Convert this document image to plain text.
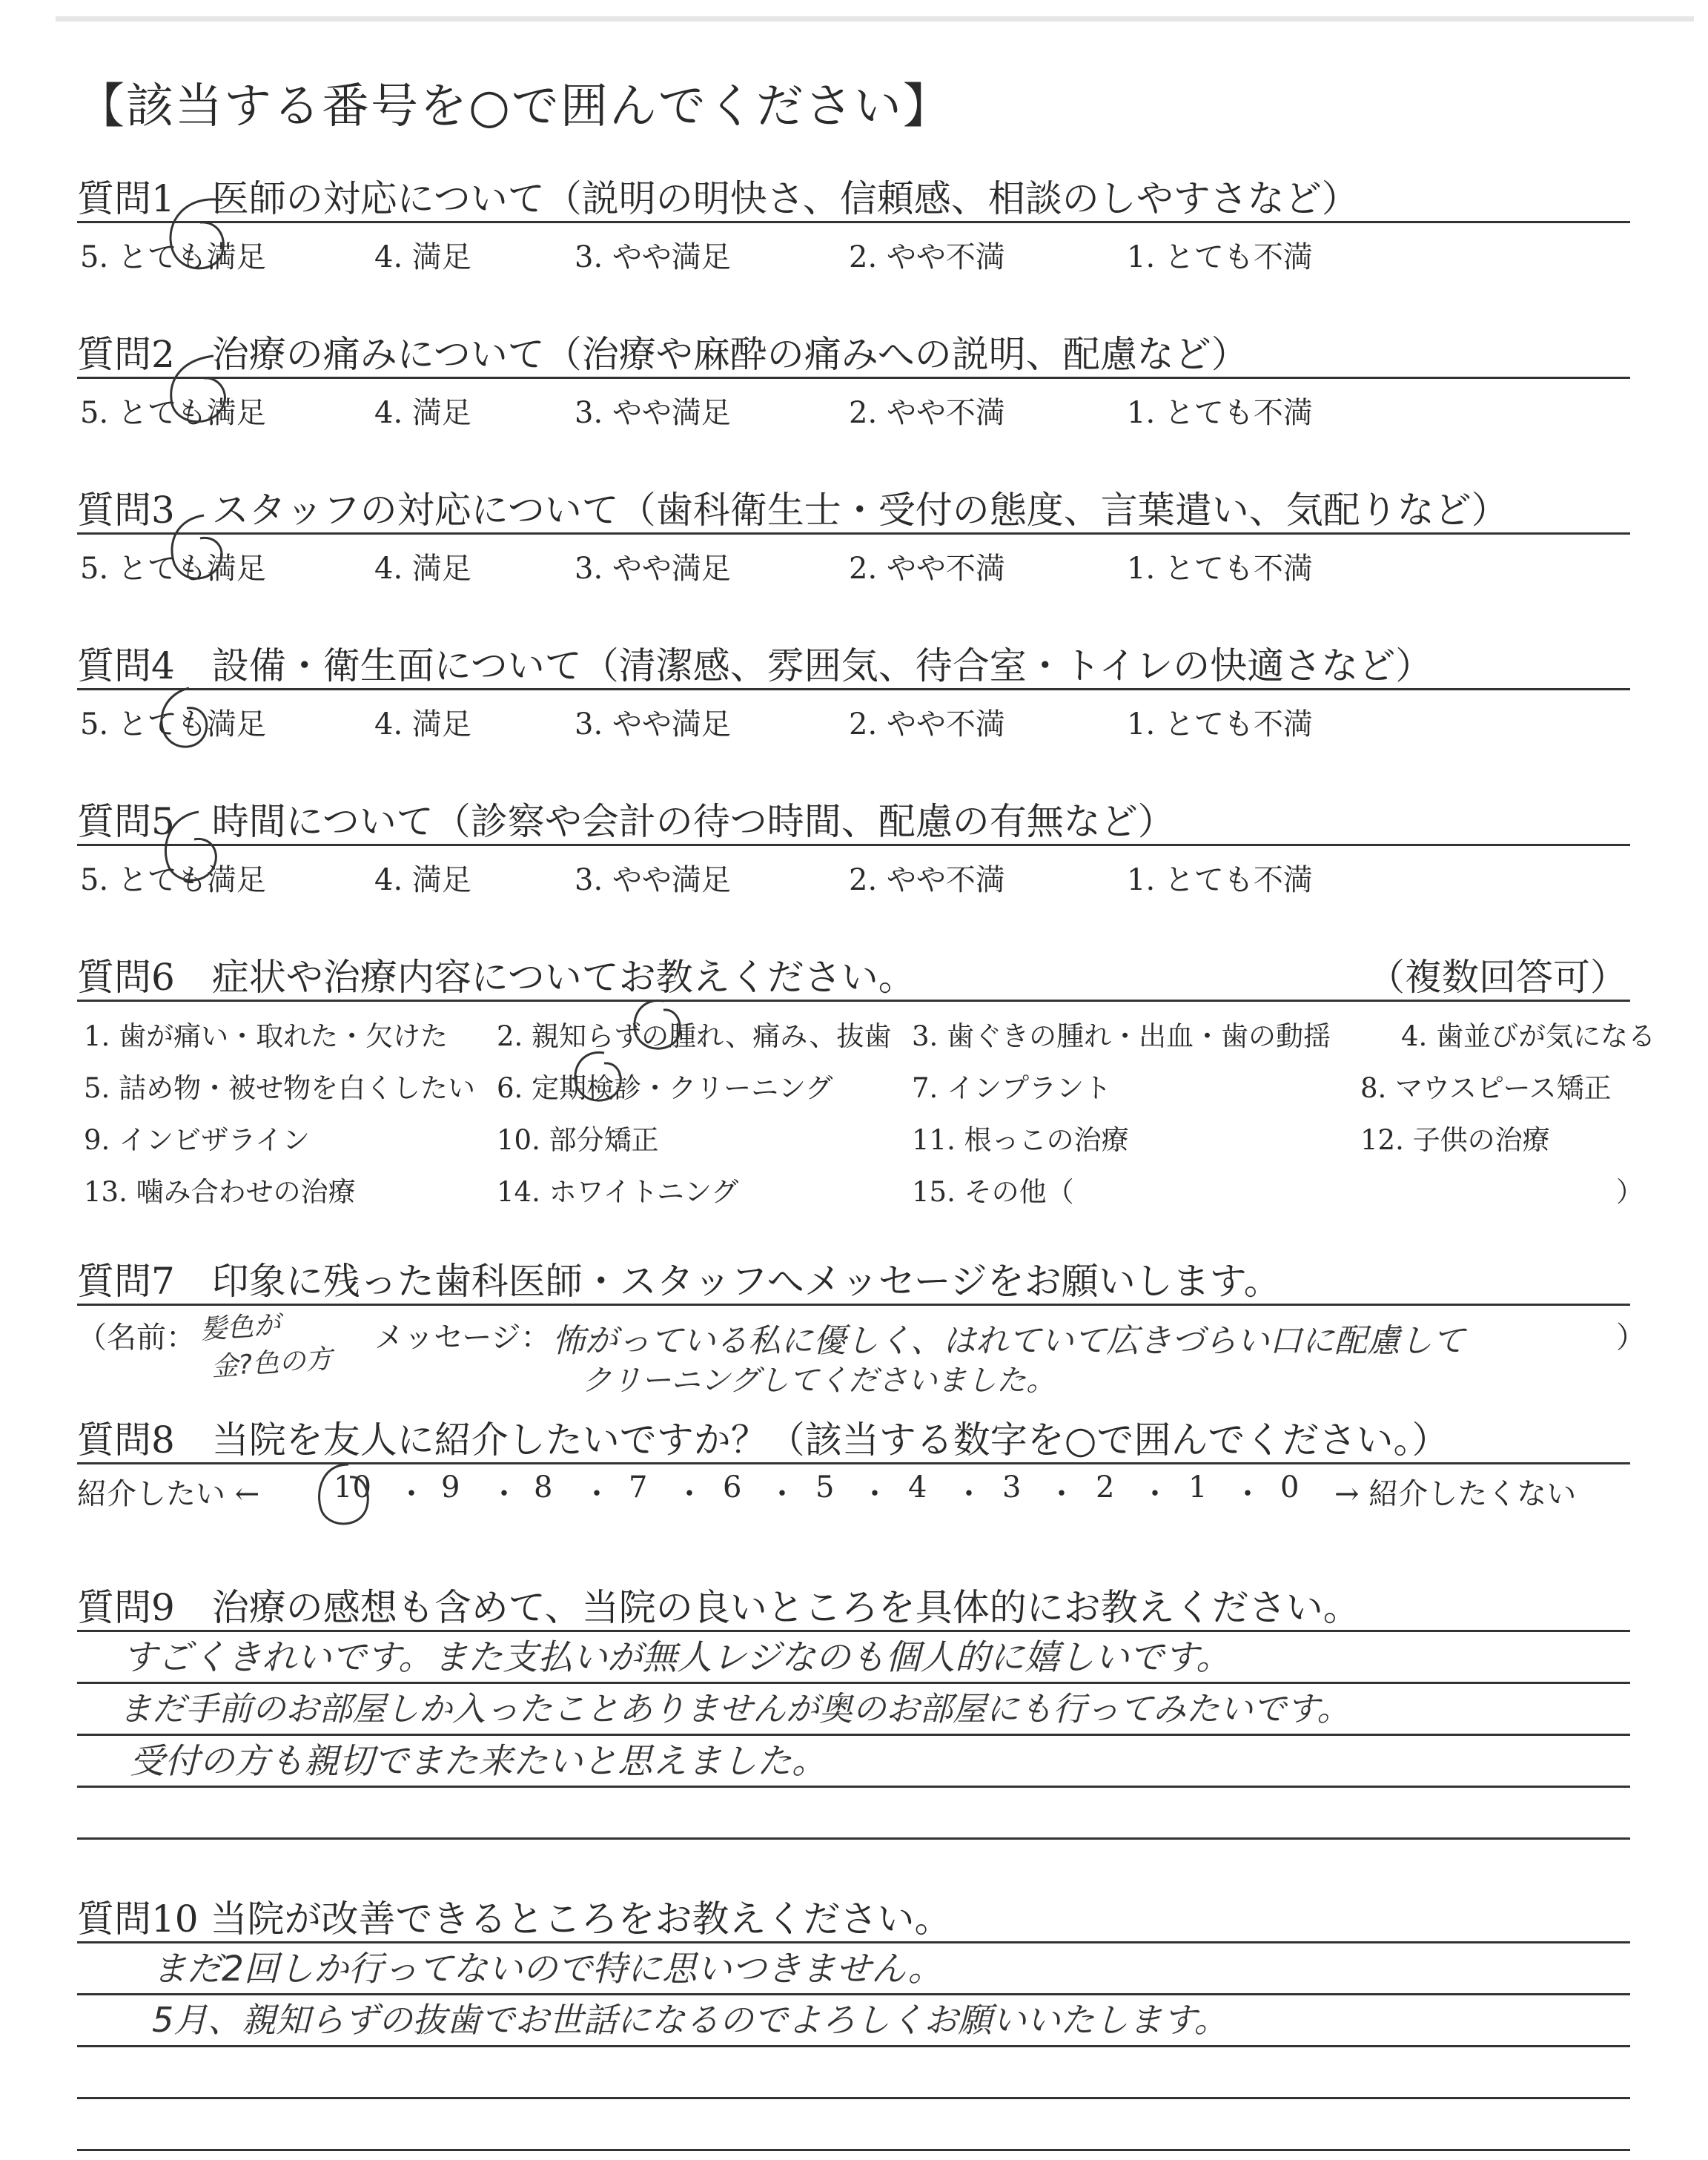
【該当する番号を○で囲んでください】
質問1　医師の対応について（説明の明快さ、信頼感、相談のしやすさなど）
5. とても満足	4. 満足	3. やや満足	2. やや不満	1. とても不満
質問2　治療の痛みについて（治療や麻酔の痛みへの説明、配慮など）
5. とても満足	4. 満足	3. やや満足	2. やや不満	1. とても不満
質問3　スタッフの対応について（歯科衛生士・受付の態度、言葉遣い、気配りなど）
5. とても満足	4. 満足	3. やや満足	2. やや不満	1. とても不満
質問4　設備・衛生面について（清潔感、雰囲気、待合室・トイレの快適さなど）
5. とても満足	4. 満足	3. やや満足	2. やや不満	1. とても不満
質問5　時間について（診察や会計の待つ時間、配慮の有無など）
5. とても満足	4. 満足	3. やや満足	2. やや不満	1. とても不満
質問6　症状や治療内容についてお教えください。	（複数回答可）
1. 歯が痛い・取れた・欠けた 2. 親知らずの腫れ、痛み、抜歯 3. 歯ぐきの腫れ・出血・歯の動揺	4. 歯並びが気になる
5. 詰め物・被せ物を白くしたい 6. 定期検診・クリーニング	7. インプラント	8. マウスピース矯正
9. インビザライン	10. 部分矯正	11. 根っこの治療	12. 子供の治療
13. 噛み合わせの治療	14. ホワイトニング	15. その他（	）
質問7　印象に残った歯科医師・スタッフへメッセージをお願いします。
（名前： 髪色が
金?色の方
メッセージ： 怖がっている私に優しく、はれていて広きづらい口に配慮して
クリーニングしてくださいました。
）
質問8　当院を友人に紹介したいですか？（該当する数字を○で囲んでください。）
紹介したい ← 10 ・ 9 ・ 8 ・ 7 ・ 6 ・ 5 ・ 4 ・ 3 ・ 2 ・ 1 ・ 0 → 紹介したくない
質問9　治療の感想も含めて、当院の良いところを具体的にお教えください。
すごくきれいです。また支払いが無人レジなのも個人的に嬉しいです。
まだ手前のお部屋しか入ったことありませんが奥のお部屋にも行ってみたいです。
受付の方も親切でまた来たいと思えました。
質問10 当院が改善できるところをお教えください。
まだ2回しか行ってないので特に思いつきません。
5月、親知らずの抜歯でお世話になるのでよろしくお願いいたします。
